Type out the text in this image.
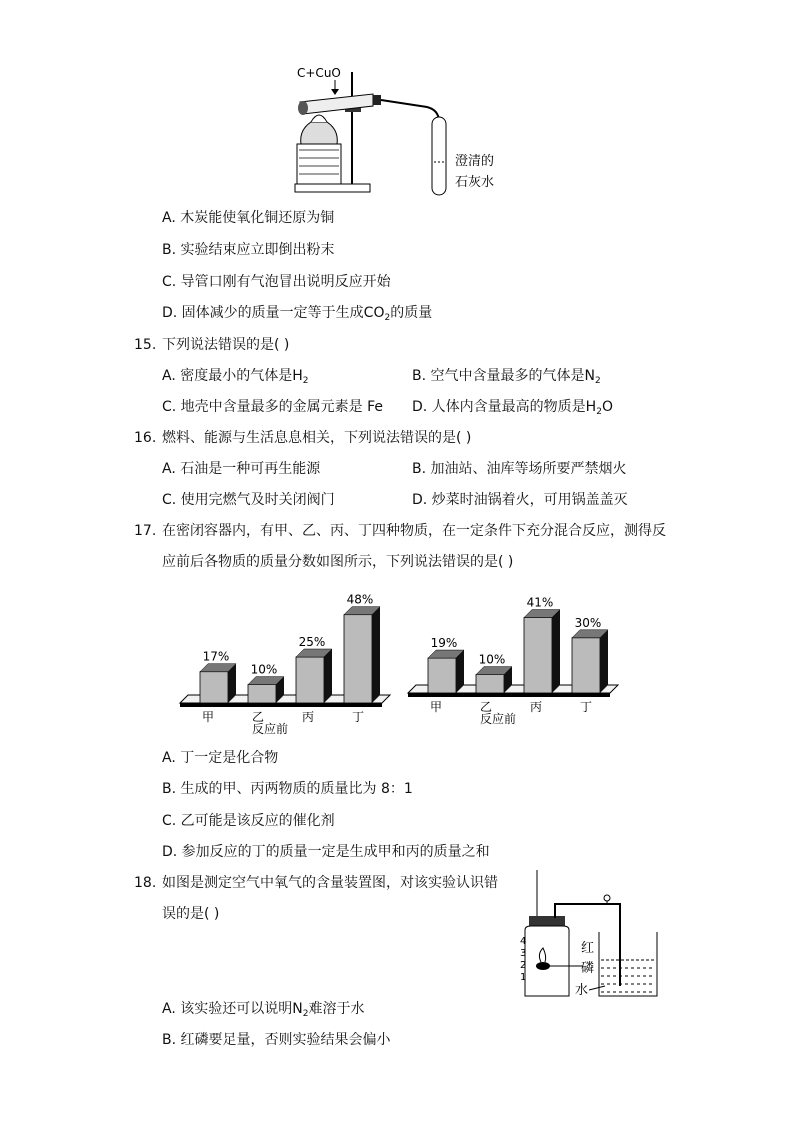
C+CuO
澄清的
石灰水
A. 木炭能使氧化铜还原为铜
B. 实验结束应立即倒出粉末
C. 导管口刚有气泡冒出说明反应开始
D. 固体减少的质量一定等于生成$CO_2$的质量
15. 下列说法错误的是( )
A. 密度最小的气体是$H_2$	B. 空气中含量最多的气体是$N_2$
C. 地壳中含量最多的金属元素是 Fe D. 人体内含量最高的物质是$H_2O$
16. 燃料、能源与生活息息相关，下列说法错误的是( )
A. 石油是一种可再生能源	B. 加油站、油库等场所要严禁烟火
C. 使用完燃气及时关闭阀门	D. 炒菜时油锅着火，可用锅盖盖灭
17. 在密闭容器内，有甲、乙、丙、丁四种物质，在一定条件下充分混合反应，测得反
应前后各物质的质量分数如图所示，下列说法错误的是( )
17%
甲
10%
乙
25%
丙
48%
丁
反应前
19%
甲
10%
乙
41%
丙
30%
丁
反应前
A. 丁一定是化合物
B. 生成的甲、丙两物质的质量比为 8：1
C. 乙可能是该反应的催化剂
D. 参加反应的丁的质量一定是生成甲和丙的质量之和
18. 如图是测定空气中氧气的含量装置图，对该实验认识错
误的是( )
4
3
2
1
红
磷
水
A. 该实验还可以说明$N_2$难溶于水
B. 红磷要足量，否则实验结果会偏小
